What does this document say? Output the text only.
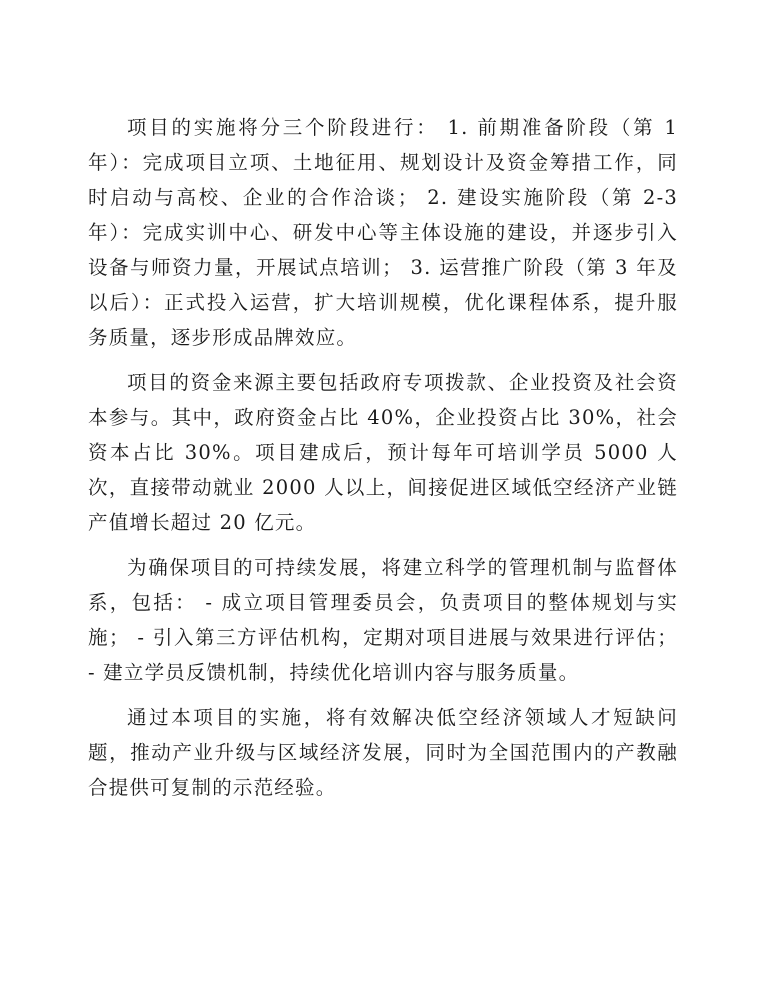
项目的实施将分三个阶段进行： 1. 前期准备阶段（第 1 年）：完成项目立项、土地征用、规划设计及资金筹措工作，同时启动与高校、企业的合作洽谈； 2. 建设实施阶段（第 2-3 年）：完成实训中心、研发中心等主体设施的建设，并逐步引入设备与师资力量，开展试点培训； 3. 运营推广阶段（第 3 年及以后）：正式投入运营，扩大培训规模，优化课程体系，提升服务质量，逐步形成品牌效应。

项目的资金来源主要包括政府专项拨款、企业投资及社会资本参与。其中，政府资金占比 40%，企业投资占比 30%，社会资本占比 30%。项目建成后，预计每年可培训学员 5000 人次，直接带动就业 2000 人以上，间接促进区域低空经济产业链产值增长超过 20 亿元。

为确保项目的可持续发展，将建立科学的管理机制与监督体系，包括： - 成立项目管理委员会，负责项目的整体规划与实施； - 引入第三方评估机构，定期对项目进展与效果进行评估； - 建立学员反馈机制，持续优化培训内容与服务质量。

通过本项目的实施，将有效解决低空经济领域人才短缺问题，推动产业升级与区域经济发展，同时为全国范围内的产教融合提供可复制的示范经验。
